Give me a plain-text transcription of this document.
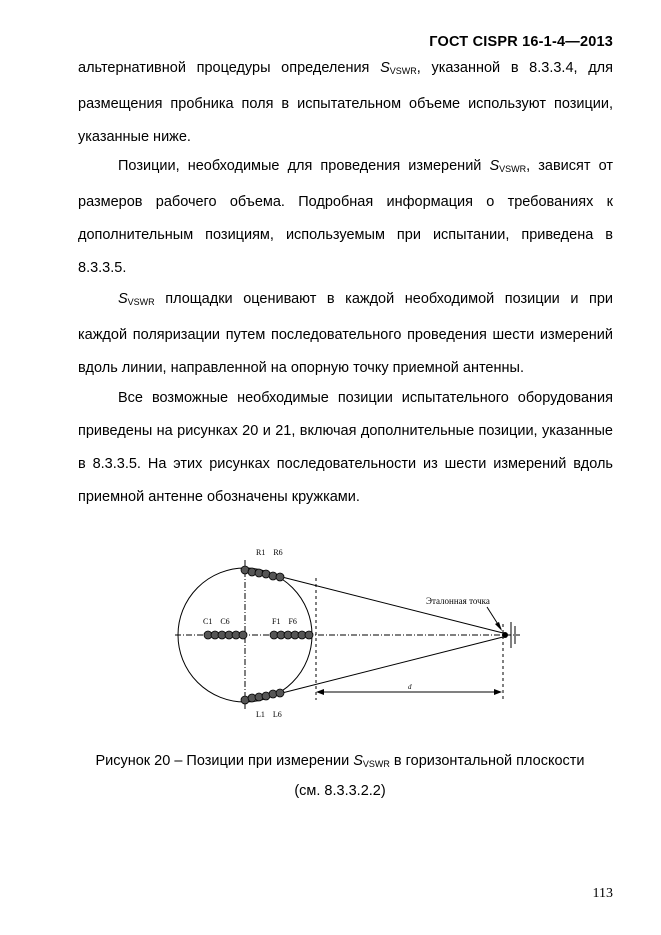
ГОСТ CISPR 16-1-4—2013
альтернативной процедуры определения $S_{VSWR}$, указанной в 8.3.3.4, для размещения пробника поля в испытательном объеме используют позиции, указанные ниже.
Позиции, необходимые для проведения измерений $S_{VSWR}$, зависят от размеров рабочего объема. Подробная информация о требованиях к дополнительным позициям, используемым при испытании, приведена в 8.3.3.5.
$S_{VSWR}$ площадки оценивают в каждой необходимой позиции и при каждой поляризации путем последовательного проведения шести измерений вдоль линии, направленной на опорную точку приемной антенны.
Все возможные необходимые позиции испытательного оборудования приведены на рисунках 20 и 21, включая дополнительные позиции, указанные в 8.3.3.5. На этих рисунках последовательности из шести измерений вдоль приемной антенне обозначены кружками.
R1    R6
C1    C6	F1    F6
L1    L6
Эталонная точка
d
Рисунок 20 – Позиции при измерении $S_{VSWR}$ в горизонтальной плоскости
(см. 8.3.3.2.2)
113
